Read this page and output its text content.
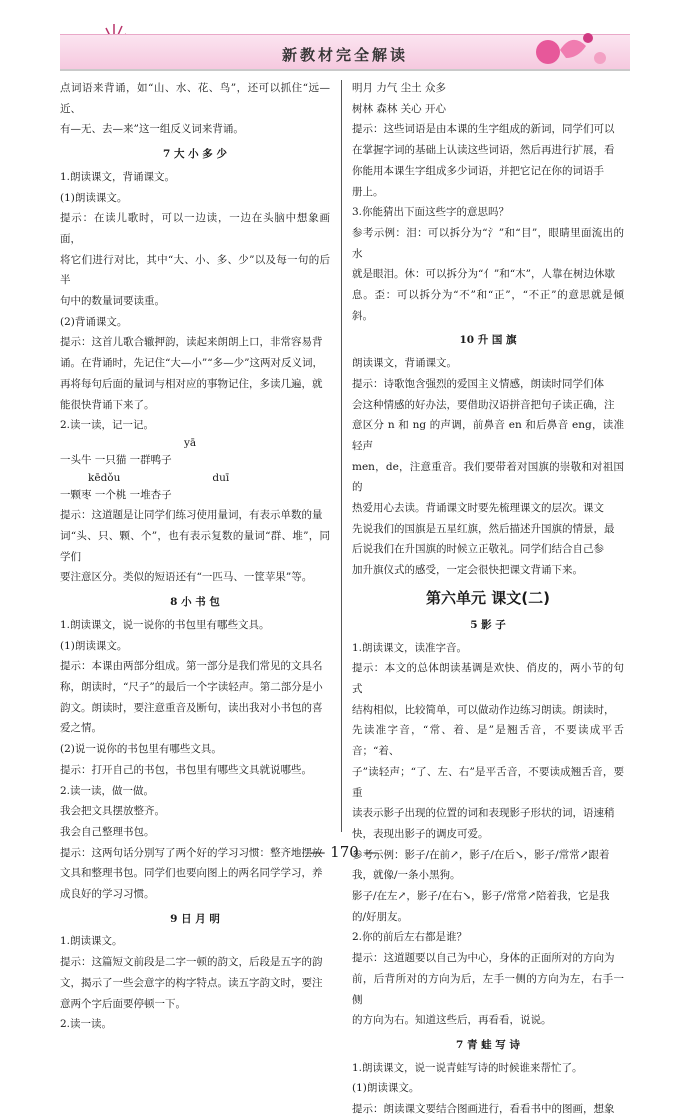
新教材完全解读

点词语来背诵，如“山、水、花、鸟”，还可以抓住“远—近、

有—无、去—来”这一组反义词来背诵。

7 大 小 多 少

1.朗读课文，背诵课文。

(1)朗读课文。

提示：在读儿歌时，可以一边读，一边在头脑中想象画面，

将它们进行对比，其中“大、小、多、少”以及每一句的后半

句中的数量词要读重。

(2)背诵课文。

提示：这首儿歌合辙押韵，读起来朗朗上口，非常容易背

诵。在背诵时，先记住“大—小”“多—少”这两对反义词，

再将每句后面的量词与相对应的事物记住，多读几遍，就

能很快背诵下来了。

2.读一读，记一记。

yā

一头牛 一只猫 一群鸭子

kēdǒu	duī

一颗枣 一个桃 一堆杏子

提示：这道题是让同学们练习使用量词，有表示单数的量

词“头、只、颗、个”，也有表示复数的量词“群、堆”，同学们

要注意区分。类似的短语还有“一匹马、一筐苹果”等。

8 小 书 包

1.朗读课文，说一说你的书包里有哪些文具。

(1)朗读课文。

提示：本课由两部分组成。第一部分是我们常见的文具名

称，朗读时，“尺子”的最后一个字读轻声。第二部分是小

韵文。朗读时，要注意重音及断句，读出我对小书包的喜

爱之情。

(2)说一说你的书包里有哪些文具。

提示：打开自己的书包，书包里有哪些文具就说哪些。

2.读一读，做一做。

我会把文具摆放整齐。

我会自己整理书包。

提示：这两句话分别写了两个好的学习习惯：整齐地摆放

文具和整理书包。同学们也要向图上的两名同学学习，养

成良好的学习习惯。

9 日 月 明

1.朗读课文。

提示：这篇短文前段是二字一顿的韵文，后段是五字的韵

文，揭示了一些会意字的构字特点。读五字韵文时，要注

意两个字后面要停顿一下。

2.读一读。

明月 力气 尘土 众多

树林 森林 关心 开心

提示：这些词语是由本课的生字组成的新词，同学们可以

在掌握字词的基础上认读这些词语，然后再进行扩展，看

你能用本课生字组成多少词语，并把它记在你的词语手

册上。

3.你能猜出下面这些字的意思吗？

参考示例：泪：可以拆分为“氵”和“目”，眼睛里面流出的水

就是眼泪。休：可以拆分为“亻”和“木”，人靠在树边休歇

息。歪：可以拆分为“不”和“正”，“不正”的意思就是倾斜。

10 升 国 旗

朗读课文，背诵课文。

提示：诗歌饱含强烈的爱国主义情感，朗读时同学们体

会这种情感的好办法，要借助汉语拼音把句子读正确，注

意区分 n 和 ng 的声调，前鼻音 en 和后鼻音 eng，读准轻声

men，de，注意重音。我们要带着对国旗的崇敬和对祖国的

热爱用心去读。背诵课文时要先梳理课文的层次。课文

先说我们的国旗是五星红旗，然后描述升国旗的情景，最

后说我们在升国旗的时候立正敬礼。同学们结合自己参

加升旗仪式的感受，一定会很快把课文背诵下来。

第六单元 课文(二)

5 影 子

1.朗读课文，读准字音。

提示：本文的总体朗读基调是欢快、俏皮的，两小节的句式

结构相似，比较简单，可以做动作边练习朗读。朗读时，

先读准字音，“常、着、是”是翘舌音，不要读成平舌音；“着、

子”读轻声；“了、左、右”是平舌音，不要读成翘舌音，要重

读表示影子出现的位置的词和表现影子形状的词，语速稍

快，表现出影子的调皮可爱。

参考示例：影子/在前↗，影子/在后↘，影子/常常↗跟着

我，就像/一条小黑狗。

影子/在左↗，影子/在右↘，影子/常常↗陪着我，它是我

的/好朋友。

2.你的前后左右都是谁？

提示：这道题要以自己为中心，身体的正面所对的方向为

前，后背所对的方向为后，左手一侧的方向为左，右手一侧

的方向为右。知道这些后，再看看，说说。

7 青 蛙 写 诗

1.朗读课文，说一说青蛙写诗的时候谁来帮忙了。

(1)朗读课文。

提示：朗读课文要结合图画进行，看看书中的图画，想象

— 170 —
